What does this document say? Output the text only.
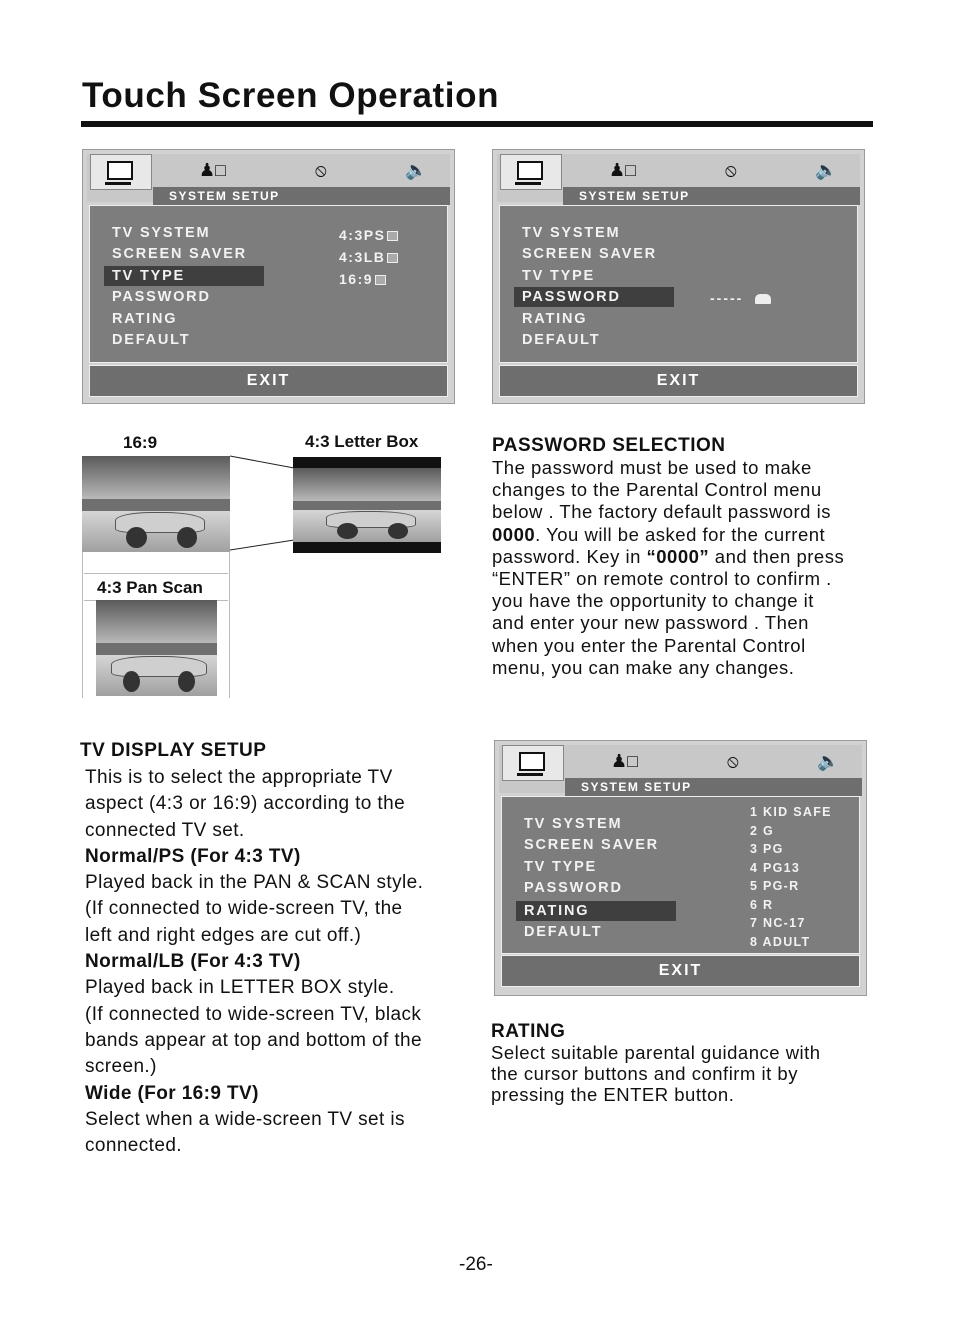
Touch Screen Operation
♟□	⦸	🔈
SYSTEM SETUP
TV SYSTEM
SCREEN SAVER
TV TYPE
PASSWORD
RATING
DEFAULT
4:3PS
4:3LB
16:9
EXIT
♟□	⦸	🔈
SYSTEM SETUP
TV SYSTEM
SCREEN SAVER
TV TYPE
PASSWORD
RATING
DEFAULT
-----
EXIT
16:9	4:3 Letter Box
4:3 Pan Scan
PASSWORD SELECTION
The password must be used to make
changes to the Parental Control menu
below . The factory default password is
0000. You will be asked for the current
password. Key in “0000” and then press
“ENTER” on remote control to confirm .
you have the opportunity to change it
and enter your new password . Then
when you enter the Parental Control
menu, you can make any changes.
TV DISPLAY SETUP
This is to select the appropriate TV
aspect (4:3 or 16:9) according to the
connected TV set.
Normal/PS (For 4:3 TV)
Played back in the PAN & SCAN style.
(If connected to wide-screen TV, the
left and right edges are cut off.)
Normal/LB (For 4:3 TV)
Played back in LETTER BOX style.
(If connected to wide-screen TV, black
bands appear at top and bottom of the
screen.)
Wide (For 16:9 TV)
Select when a wide-screen TV set is
connected.
♟□	⦸	🔈
SYSTEM SETUP
TV SYSTEM
SCREEN SAVER
TV TYPE
PASSWORD
RATING
DEFAULT
1 KID SAFE
2 G
3 PG
4 PG13
5 PG-R
6 R
7 NC-17
8 ADULT
EXIT
RATING
Select suitable parental guidance with
the cursor buttons and confirm it by
pressing the ENTER button.
-26-
